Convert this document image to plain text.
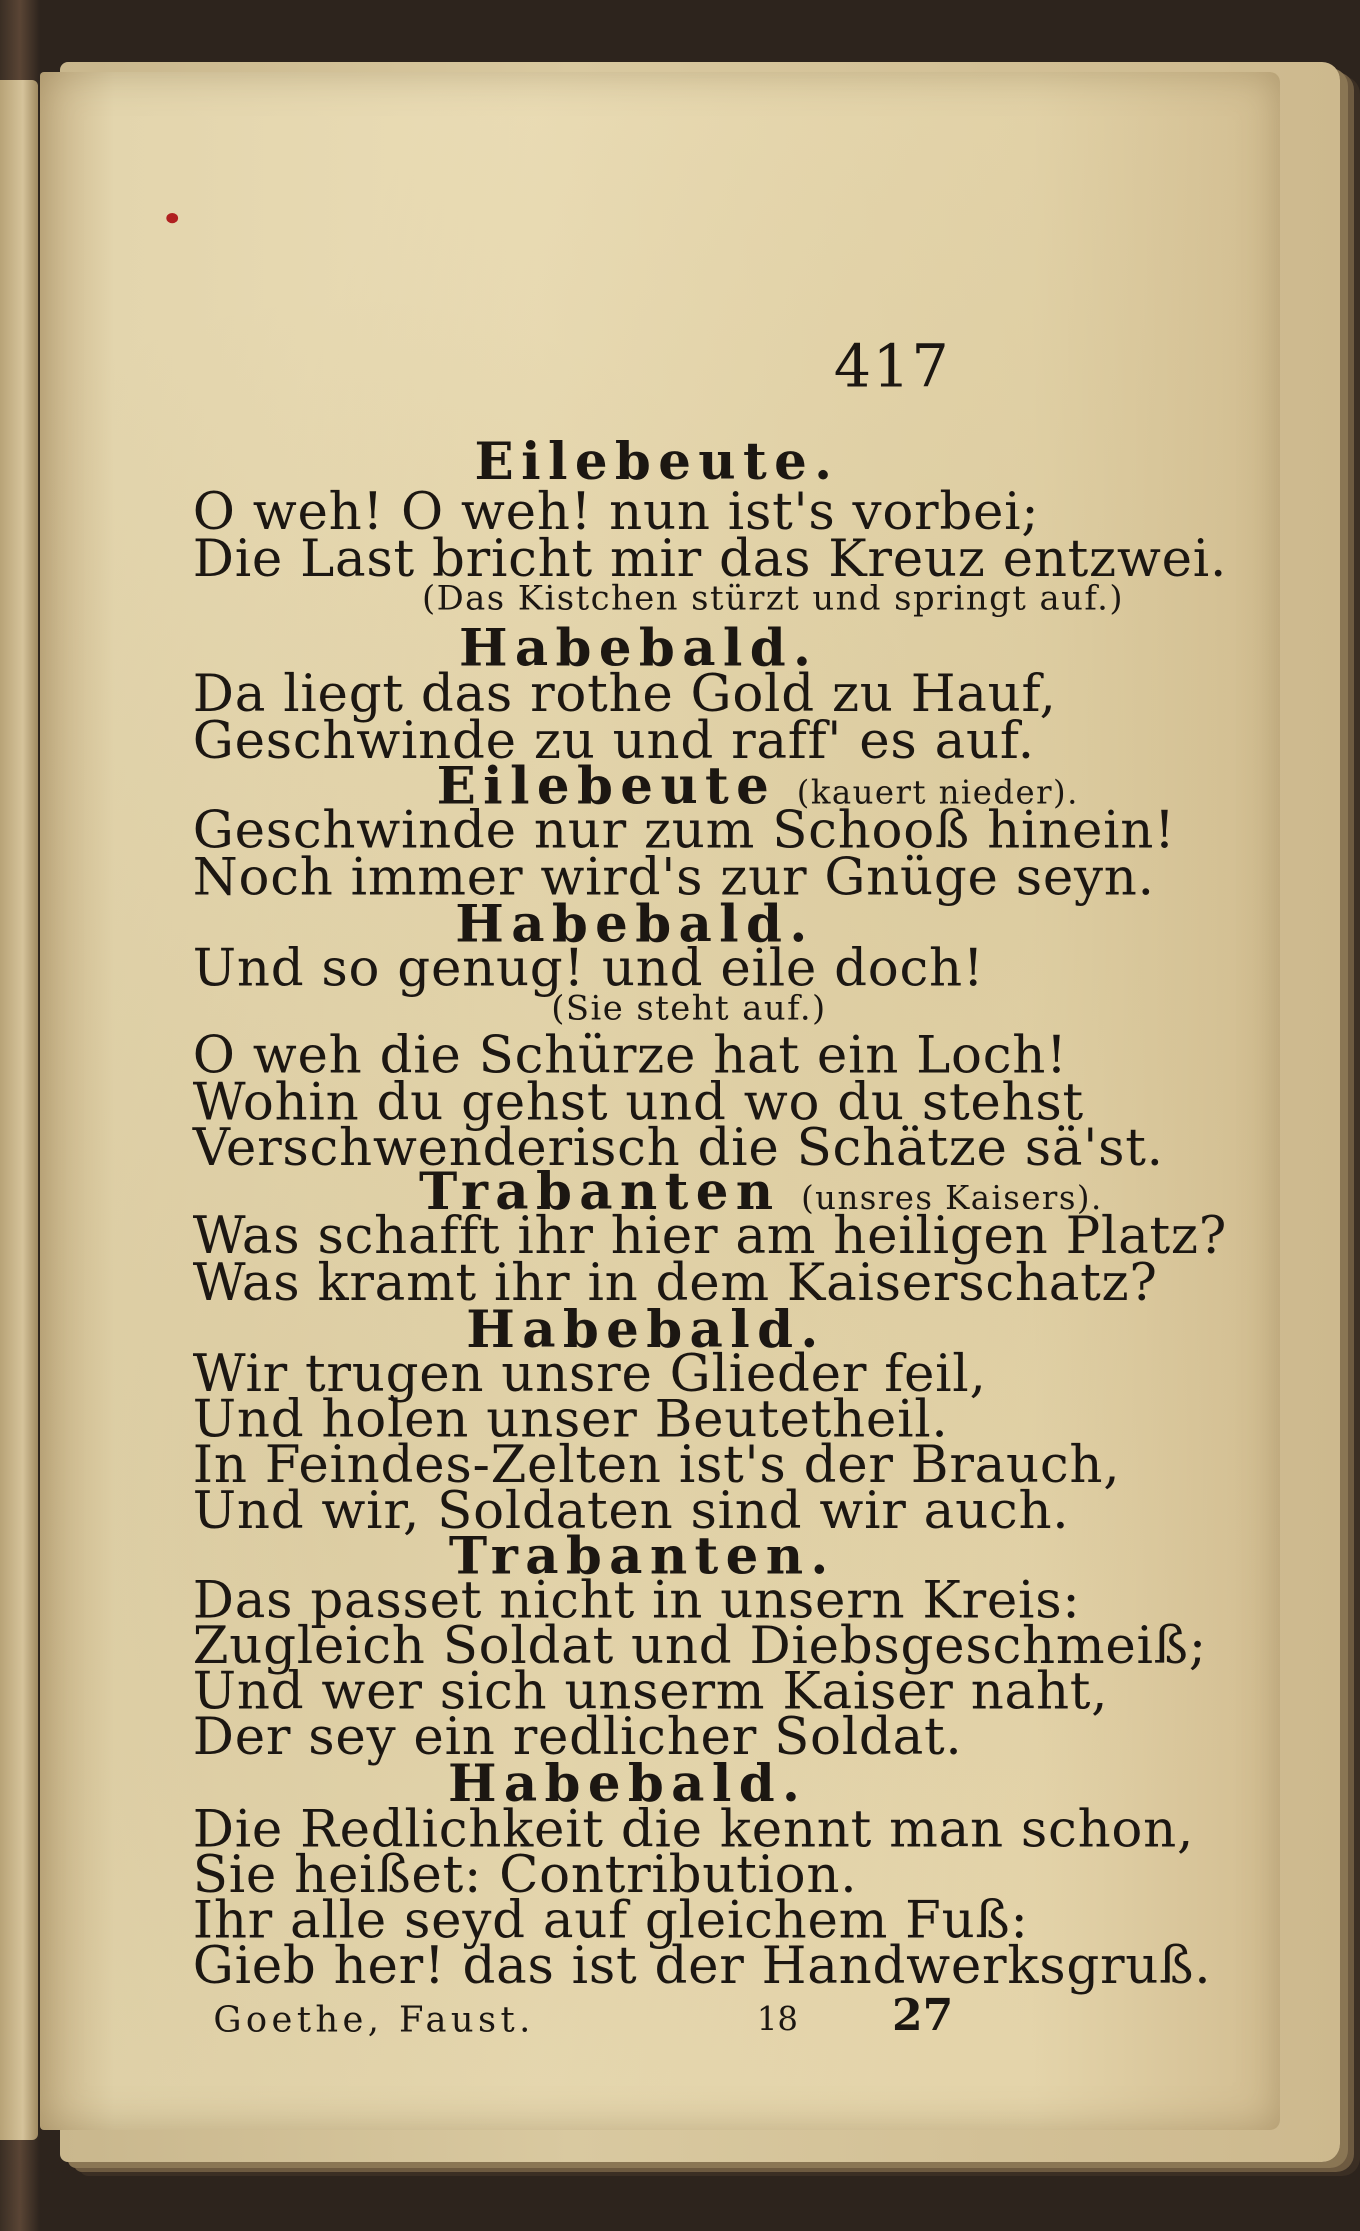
417
Eilebeute.
O weh! O weh! nun ist's vorbei;
Die Last bricht mir das Kreuz entzwei.
(Das Kistchen stürzt und springt auf.)
Habebald.
Da liegt das rothe Gold zu Hauf,
Geschwinde zu und raff' es auf.
Eilebeute (kauert nieder).
Geschwinde nur zum Schooß hinein!
Noch immer wird's zur Gnüge seyn.
Habebald.
Und so genug! und eile doch!
(Sie steht auf.)
O weh die Schürze hat ein Loch!
Wohin du gehst und wo du stehst
Verschwenderisch die Schätze sä'st.
Trabanten (unsres Kaisers).
Was schafft ihr hier am heiligen Platz?
Was kramt ihr in dem Kaiserschatz?
Habebald.
Wir trugen unsre Glieder feil,
Und holen unser Beutetheil.
In Feindes-Zelten ist's der Brauch,
Und wir, Soldaten sind wir auch.
Trabanten.
Das passet nicht in unsern Kreis:
Zugleich Soldat und Diebsgeschmeiß;
Und wer sich unserm Kaiser naht,
Der sey ein redlicher Soldat.
Habebald.
Die Redlichkeit die kennt man schon,
Sie heißet: Contribution.
Ihr alle seyd auf gleichem Fuß:
Gieb her! das ist der Handwerksgruß.
Goethe, Faust.	18	27
